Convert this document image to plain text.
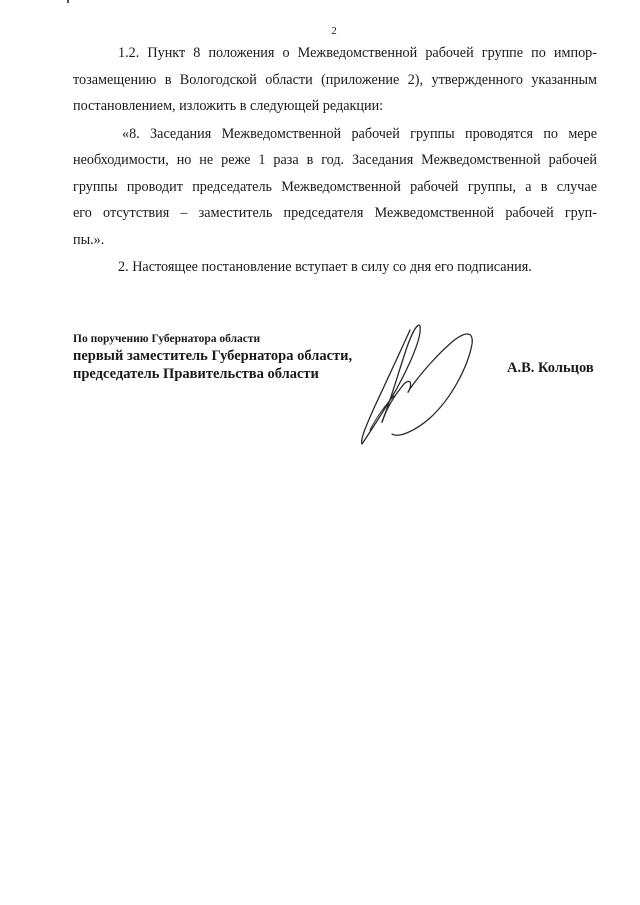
2

1.2. Пункт 8 положения о Межведомственной рабочей группе по импор-
тозамещению в Вологодской области (приложение 2), утвержденного указанным
постановлением, изложить в следующей редакции:

«8. Заседания Межведомственной рабочей группы проводятся по мере
необходимости, но не реже 1 раза в год. Заседания Межведомственной рабочей
группы проводит председатель Межведомственной рабочей группы, а в случае
его отсутствия – заместитель председателя Межведомственной рабочей груп-
пы.».

2. Настоящее постановление вступает в силу со дня его подписания.

По поручению Губернатора области
первый заместитель Губернатора области,
председатель Правительства области	А.В. Кольцов
